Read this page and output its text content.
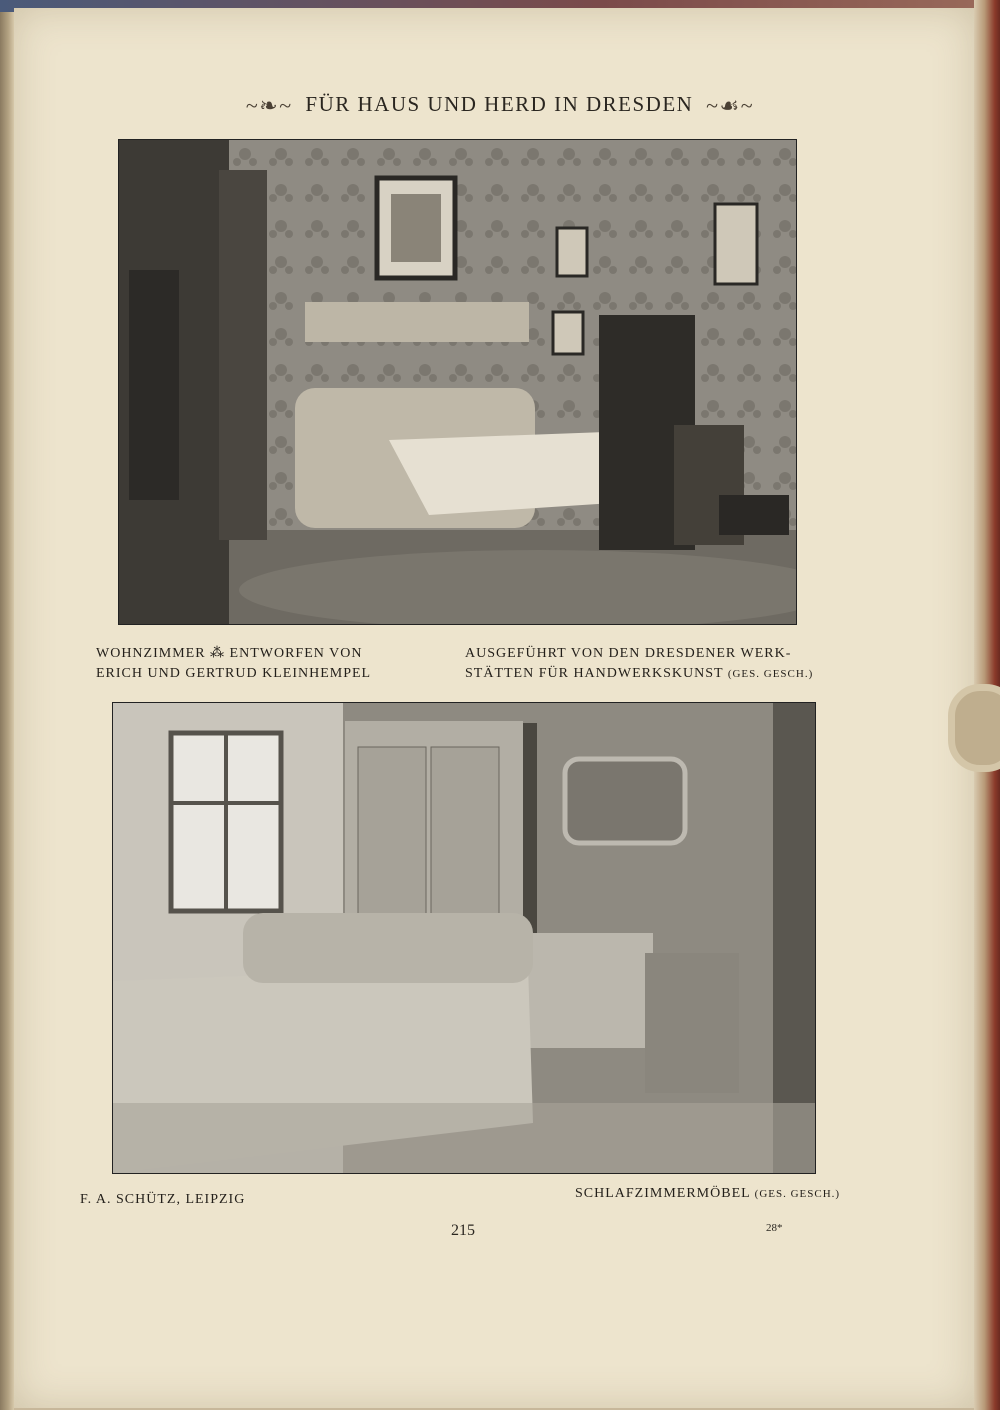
~❧~ FÜR HAUS UND HERD IN DRESDEN ~☙~
WOHNZIMMER ⁂ ENTWORFEN VON
ERICH UND GERTRUD KLEINHEMPEL
AUSGEFÜHRT VON DEN DRESDENER WERK-
STÄTTEN FÜR HANDWERKSKUNST (GES. GESCH.)
F. A. SCHÜTZ, LEIPZIG	SCHLAFZIMMERMÖBEL (GES. GESCH.)
215	28*
